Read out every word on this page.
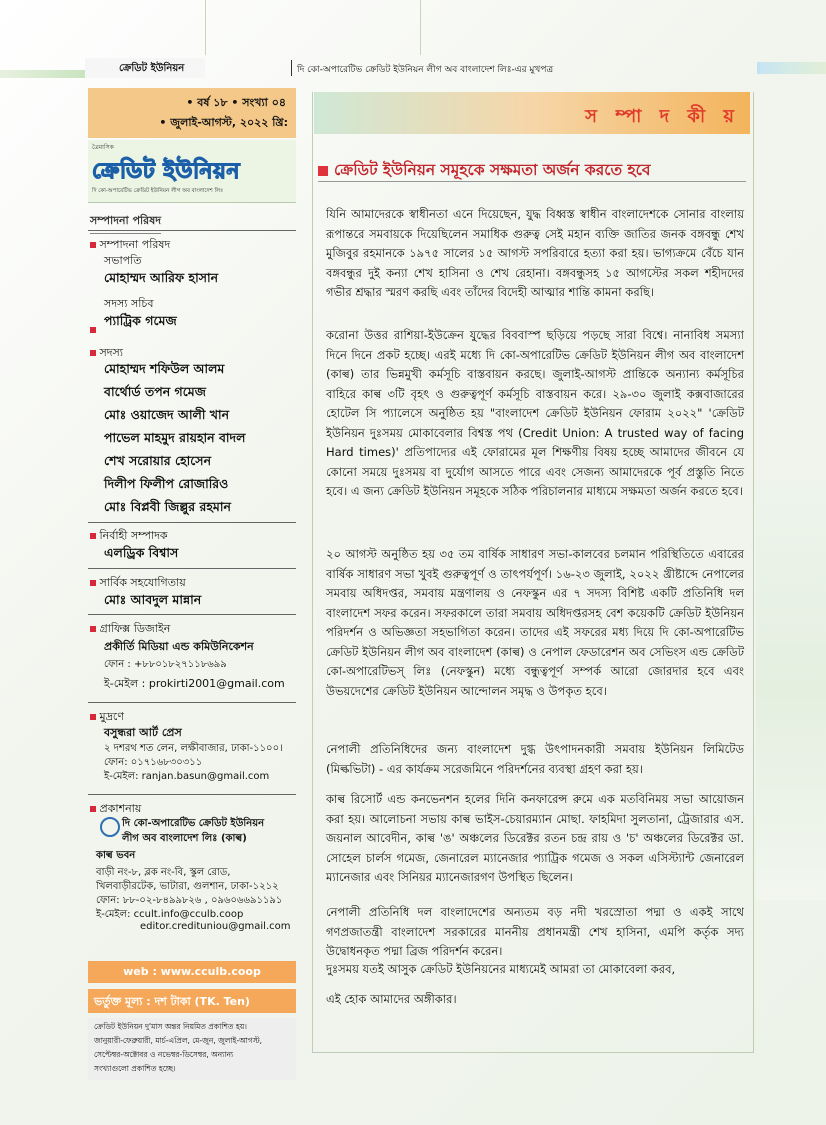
ক্রেডিট ইউনিয়ন	দি কো-অপারেটিভ ক্রেডিট ইউনিয়ন লীগ অব বাংলাদেশ লিঃ-এর মুখপত্র
• বর্ষ ১৮ • সংখ্যা ০৪
• জুলাই-আগস্ট, ২০২২ খ্রি:
ত্রৈমাসিক
ক্রেডিট ইউনিয়ন
দি কো-অপারেটিভ ক্রেডিট ইউনিয়ন লীগ অব বাংলাদেশ লিঃ
সম্পাদনা পরিষদ
সম্পাদনা পরিষদ
সভাপতি
মোহাম্মদ আরিফ হাসান
সদস্য সচিব
প্যাট্রিক গমেজ
সদস্য
মোহাম্মদ শফিউল আলম
বার্থোর্ড তপন গমেজ
মোঃ ওয়াজেদ আলী খান
পাভেল মাহমুদ রায়হান বাদল
শেখ সরোয়ার হোসেন
দিলীপ ফিলীপ রোজারিও
মোঃ বিপ্লবী জিল্লুর রহমান
নির্বাহী সম্পাদক
এলড্রিক বিশ্বাস
সার্বিক সহযোগিতায়
মোঃ আবদুল মান্নান
গ্রাফিক্স ডিজাইন
প্রকীর্তি মিডিয়া এন্ড কমিউনিকেশন
ফোন : +৮৮০১৮২৭১১৮৬৯৯
ই-মেইল : prokirti2001@gmail.com
মুদ্রণে
বসুন্ধরা আর্ট প্রেস
২ দশরথ শত লেন, লক্ষীবাজার, ঢাকা-১১০০।
ফোন: ০১৭১৬৮৩০৩১১
ই-মেইল: ranjan.basun@gmail.com
প্রকাশনায়
দি কো-অপারেটিভ ক্রেডিট ইউনিয়ন
লীগ অব বাংলাদেশ লিঃ (কাল্ব)
কাল্ব ভবন
বাড়ী নং-৮, ব্লক নং-বি, স্কুল রোড,
খিলবাড়ীরটেক, ভাটারা, গুলশান, ঢাকা-১২১২
ফোন: ৮৮-০২-৮৪৯৯৮২৬ , ০৯৬০৬৬৯১১৯১
ই-মেইল: ccult.info@cculb.coop
editor.credituniou@gmail.com
web : www.cculb.coop
ভর্তুক্ত মূল্য : দশ টাকা (TK. Ten)
ক্রেডিট ইউনিয়ন দু'মাস অন্তর নিয়মিত প্রকাশিত হয়।
জানুয়ারী-ফেব্রুয়ারী, মার্চ-এপ্রিল, মে-জুন, জুলাই-আগস্ট,
সেপ্টেম্বর-অক্টোবর ও নভেম্বর-ডিসেম্বর, অন্যান্য
সংখ্যাগুলো প্রকাশিত হচ্ছে।
স ম্পা দ কী য়
ক্রেডিট ইউনিয়ন সমূহকে সক্ষমতা অর্জন করতে হবে
যিনি আমাদেরকে স্বাধীনতা এনে দিয়েছেন, যুদ্ধ বিধ্বস্ত স্বাধীন বাংলাদেশকে সোনার বাংলায় রূপান্তরে সমবায়কে দিয়েছিলেন সমাধিক গুরুত্ব সেই মহান ব্যক্তি জাতির জনক বঙ্গবন্ধু শেখ মুজিবুর রহমানকে ১৯৭৫ সালের ১৫ আগস্ট সপরিবারে হত্যা করা হয়। ভাগ্যক্রমে বেঁচে যান বঙ্গবন্ধুর দুই কন্যা শেখ হাসিনা ও শেখ রেহানা। বঙ্গবন্ধুসহ ১৫ আগস্টের সকল শহীদদের গভীর শ্রদ্ধার স্মরণ করছি এবং তাঁদের বিদেহী আত্মার শান্তি কামনা করছি।
করোনা উত্তর রাশিয়া-ইউক্রেন যুদ্ধের বিববাস্প ছড়িয়ে পড়ছে সারা বিশ্বে। নানাবিধ সমস্যা দিনে দিনে প্রকট হচ্ছে। এরই মধ্যে দি কো-অপারেটিভ ক্রেডিট ইউনিয়ন লীগ অব বাংলাদেশ (কাল্ব) তার ভিন্নমুখী কর্মসূচি বাস্তবায়ন করছে। জুলাই-আগস্ট প্রান্তিকে অন্যান্য কর্মসূচির বাহিরে কাল্ব ৩টি বৃহৎ ও গুরুত্বপূর্ণ কর্মসূচি বাস্তবায়ন করে। ২৯-৩০ জুলাই কক্সবাজারের হোটেল সি প্যালেসে অনুষ্ঠিত হয় "বাংলাদেশ ক্রেডিট ইউনিয়ন ফোরাম ২০২২" 'ক্রেডিট ইউনিয়ন দুঃসময় মোকাবেলার বিশ্বস্ত পথ (Credit Union: A trusted way of facing Hard times)' প্রতিপাদ্যের এই ফোরামের মূল শিক্ষণীয় বিষয় হচ্ছে আমাদের জীবনে যে কোনো সময়ে দুঃসময় বা দুর্যোগ আসতে পারে এবং সেজন্য আমাদেরকে পূর্ব প্রস্তুতি নিতে হবে। এ জন্য ক্রেডিট ইউনিয়ন সমূহকে সঠিক পরিচালনার মাধ্যমে সক্ষমতা অর্জন করতে হবে।
২০ আগস্ট অনুষ্ঠিত হয় ৩৫ তম বার্ষিক সাধারণ সভা-কালবের চলমান পরিস্থিতিতে এবারের বার্ষিক সাধারণ সভা খুবই গুরুত্বপূর্ণ ও তাৎপর্যপূর্ণ। ১৬-২৩ জুলাই, ২০২২ খ্রীষ্টাব্দে নেপালের সমবায় অধিদপ্তর, সমবায় মন্ত্রণালয় ও নেফস্কুন এর ৭ সদস্য বিশিষ্ট একটি প্রতিনিধি দল বাংলাদেশ সফর করেন। সফরকালে তারা সমবায় অধিদপ্তরসহ বেশ কয়েকটি ক্রেডিট ইউনিয়ন পরিদর্শন ও অভিজ্ঞতা সহভাগিতা করেন। তাদের এই সফরের মধ্য দিয়ে দি কো-অপারেটিভ ক্রেডিট ইউনিয়ন লীগ অব বাংলাদেশ (কাল্ব) ও নেপাল ফেডারেশন অব সেভিংস এন্ড ক্রেডিট কো-অপারেটিভস্ লিঃ (নেফস্কুন) মধ্যে বন্ধুত্বপূর্ণ সম্পর্ক আরো জোরদার হবে এবং উভয়দেশের ক্রেডিট ইউনিয়ন আন্দোলন সমৃদ্ধ ও উপকৃত হবে।
নেপালী প্রতিনিধিদের জন্য বাংলাদেশ দুগ্ধ উৎপাদনকারী সমবায় ইউনিয়ন লিমিটেড (মিল্কভিটা) - এর কার্যক্রম সরেজমিনে পরিদর্শনের ব্যবস্থা গ্রহণ করা হয়।
কাল্ব রিসোর্ট এন্ড কনভেনশন হলের দিনি কনফারেন্স রুমে এক মতবিনিময় সভা আয়োজন করা হয়। আলোচনা সভায় কাল্ব ভাইস-চেয়ারম্যান মোছা. ফাহমিদা সুলতানা, ট্রেজারার এস. জয়নাল আবেদীন, কাল্ব 'ঙ' অঞ্চলের ডিরেক্টর রতন চন্দ্র রায় ও 'চ' অঞ্চলের ডিরেক্টর ডা. সোহেল চার্লস গমেজ, জেনারেল ম্যানেজার প্যাট্রিক গমেজ ও সকল এসিস্ট্যান্ট জেনারেল ম্যানেজার এবং সিনিয়র ম্যানেজারগণ উপস্থিত ছিলেন।
নেপালী প্রতিনিধি দল বাংলাদেশের অন্যতম বড় নদী খরস্রোতা পদ্মা ও একই সাথে গণপ্রজাতন্ত্রী বাংলাদেশ সরকারের মাননীয় প্রধানমন্ত্রী শেখ হাসিনা, এমপি কর্তৃক সদ্য উদ্বোধনকৃত পদ্মা ব্রিজ পরিদর্শন করেন।
দুঃসময় যতই আসুক ক্রেডিট ইউনিয়নের মাধ্যমেই আমরা তা মোকাবেলা করব,
এই হোক আমাদের অঙ্গীকার।
